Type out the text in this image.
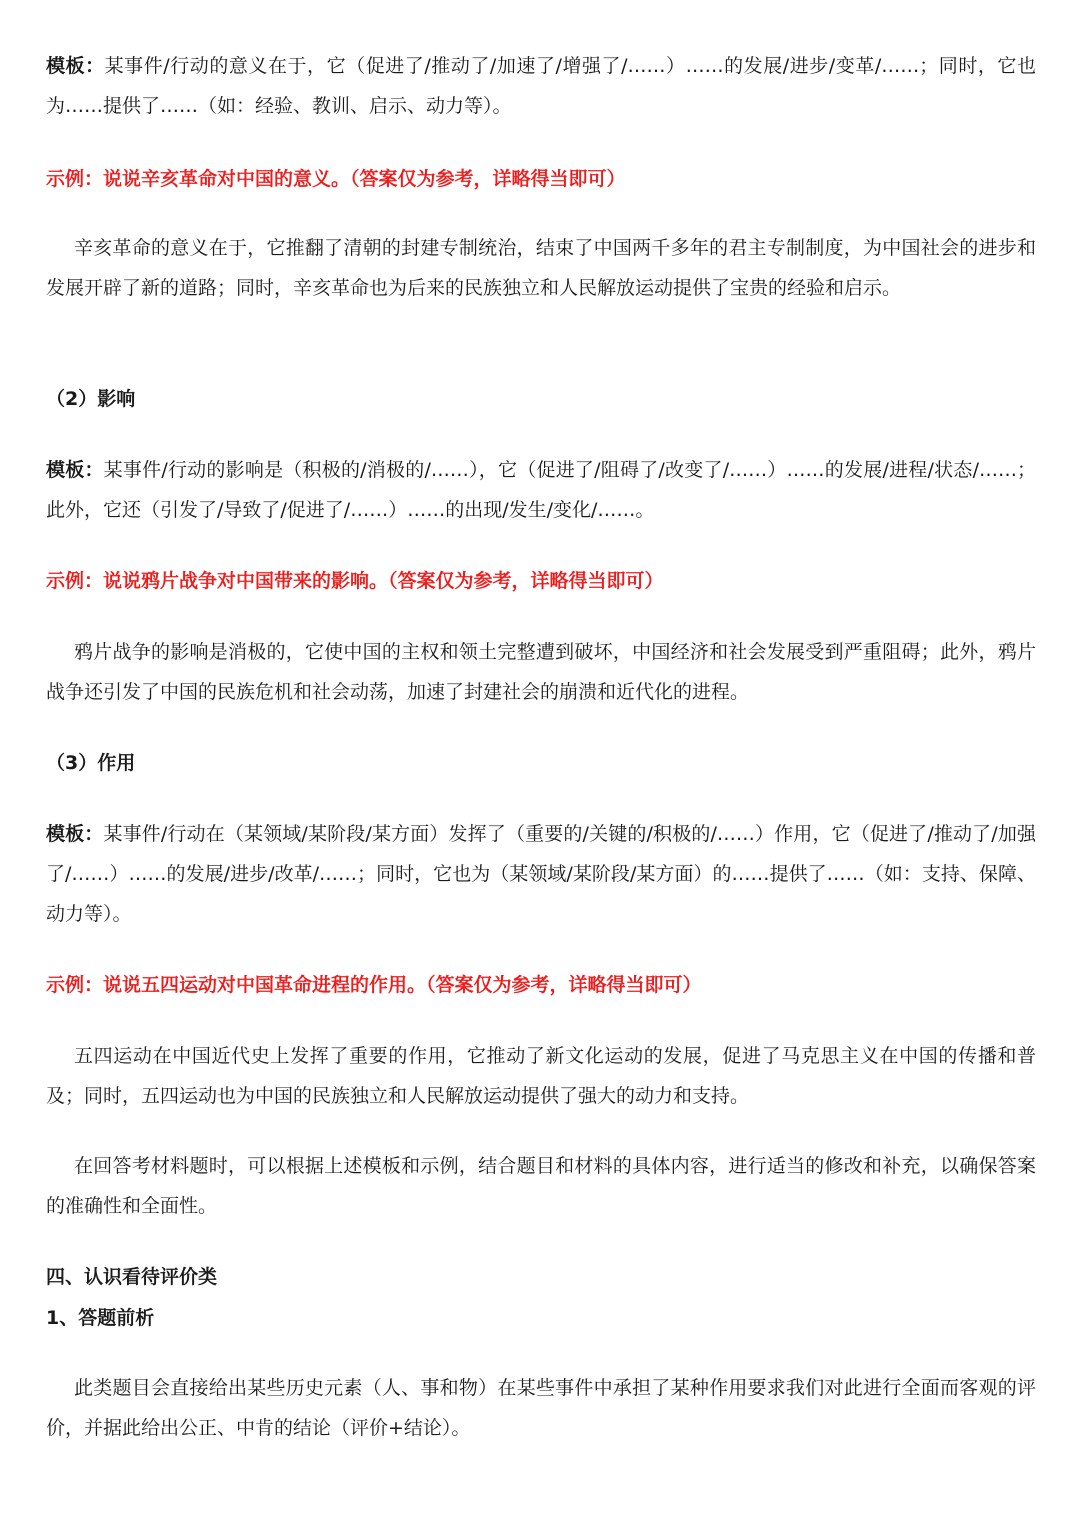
模板：某事件/行动的意义在于，它（促进了/推动了/加速了/增强了/……）……的发展/进步/变革/……；同时，它也为……提供了……（如：经验、教训、启示、动力等）。

示例：说说辛亥革命对中国的意义。（答案仅为参考，详略得当即可）

辛亥革命的意义在于，它推翻了清朝的封建专制统治，结束了中国两千多年的君主专制制度，为中国社会的进步和发展开辟了新的道路；同时，辛亥革命也为后来的民族独立和人民解放运动提供了宝贵的经验和启示。

（2）影响

模板：某事件/行动的影响是（积极的/消极的/……），它（促进了/阻碍了/改变了/……）……的发展/进程/状态/……；此外，它还（引发了/导致了/促进了/……）……的出现/发生/变化/……。

示例：说说鸦片战争对中国带来的影响。（答案仅为参考，详略得当即可）

鸦片战争的影响是消极的，它使中国的主权和领土完整遭到破坏，中国经济和社会发展受到严重阻碍；此外，鸦片战争还引发了中国的民族危机和社会动荡，加速了封建社会的崩溃和近代化的进程。

（3）作用

模板：某事件/行动在（某领域/某阶段/某方面）发挥了（重要的/关键的/积极的/……）作用，它（促进了/推动了/加强了/……）……的发展/进步/改革/……；同时，它也为（某领域/某阶段/某方面）的……提供了……（如：支持、保障、动力等）。

示例：说说五四运动对中国革命进程的作用。（答案仅为参考，详略得当即可）

五四运动在中国近代史上发挥了重要的作用，它推动了新文化运动的发展，促进了马克思主义在中国的传播和普及；同时，五四运动也为中国的民族独立和人民解放运动提供了强大的动力和支持。

在回答考材料题时，可以根据上述模板和示例，结合题目和材料的具体内容，进行适当的修改和补充，以确保答案的准确性和全面性。

四、认识看待评价类

1、答题前析

此类题目会直接给出某些历史元素（人、事和物）在某些事件中承担了某种作用要求我们对此进行全面而客观的评价，并据此给出公正、中肯的结论（评价+结论）。
